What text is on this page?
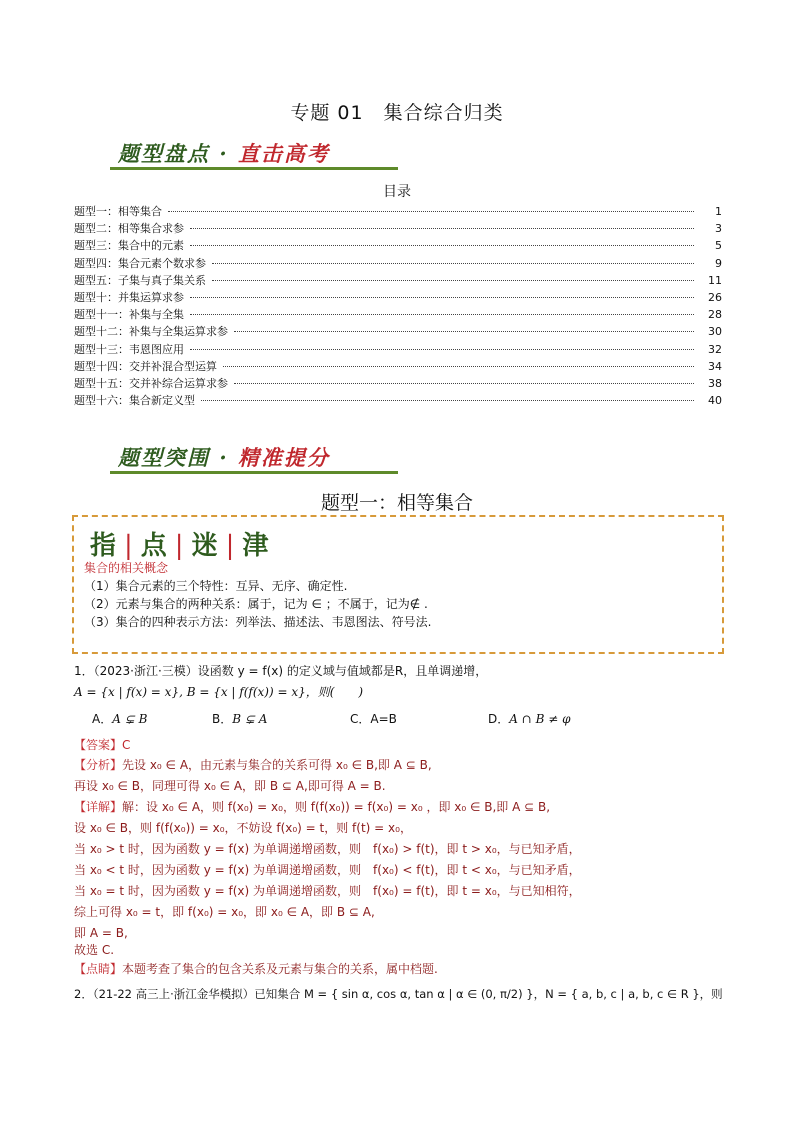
专题 01　集合综合归类
题型盘点 · 直击高考
目录
题型一：相等集合	1
题型二：相等集合求参	3
题型三：集合中的元素	5
题型四：集合元素个数求参	9
题型五：子集与真子集关系	11
题型十：并集运算求参	26
题型十一：补集与全集	28
题型十二：补集与全集运算求参	30
题型十三：韦恩图应用	32
题型十四：交并补混合型运算	34
题型十五：交并补综合运算求参	38
题型十六：集合新定义型	40
题型突围 · 精准提分
题型一：相等集合
指 | 点 | 迷 | 津
集合的相关概念
（1）集合元素的三个特性：互异、无序、确定性.
（2）元素与集合的两种关系：属于，记为 ∈ ；不属于，记为∉ .
（3）集合的四种表示方法：列举法、描述法、韦恩图法、符号法.
1．（2023·浙江·三模）设函数 y = f(x) 的定义域与值域都是R，且单调递增，
A = {x | f(x) = x}, B = {x | f(f(x)) = x}，则(　　)
A．A ⊊ B	B．B ⊊ A	C．A=B	D．A ∩ B ≠ φ
【答案】C
【分析】先设 x₀ ∈ A，由元素与集合的关系可得 x₀ ∈ B,即 A ⊆ B,
再设 x₀ ∈ B，同理可得 x₀ ∈ A，即 B ⊆ A,即可得 A = B.
【详解】解：设 x₀ ∈ A，则 f(x₀) = x₀，则 f(f(x₀)) = f(x₀) = x₀ ，即 x₀ ∈ B,即 A ⊆ B,
设 x₀ ∈ B，则 f(f(x₀)) = x₀，不妨设 f(x₀) = t，则 f(t) = x₀，
当 x₀ > t 时，因为函数 y = f(x) 为单调递增函数，则　f(x₀) > f(t)，即 t > x₀，与已知矛盾，
当 x₀ < t 时，因为函数 y = f(x) 为单调递增函数，则　f(x₀) < f(t)，即 t < x₀，与已知矛盾，
当 x₀ = t 时，因为函数 y = f(x) 为单调递增函数，则　f(x₀) = f(t)，即 t = x₀，与已知相符，
综上可得 x₀ = t，即 f(x₀) = x₀，即 x₀ ∈ A，即 B ⊆ A,
即 A = B,
故选 C.
【点睛】本题考查了集合的包含关系及元素与集合的关系，属中档题.
2．（21-22 高三上·浙江金华模拟）已知集合 M = { sin α, cos α, tan α | α ∈ (0, π/2) }，N = { a, b, c | a, b, c ∈ R }，则
